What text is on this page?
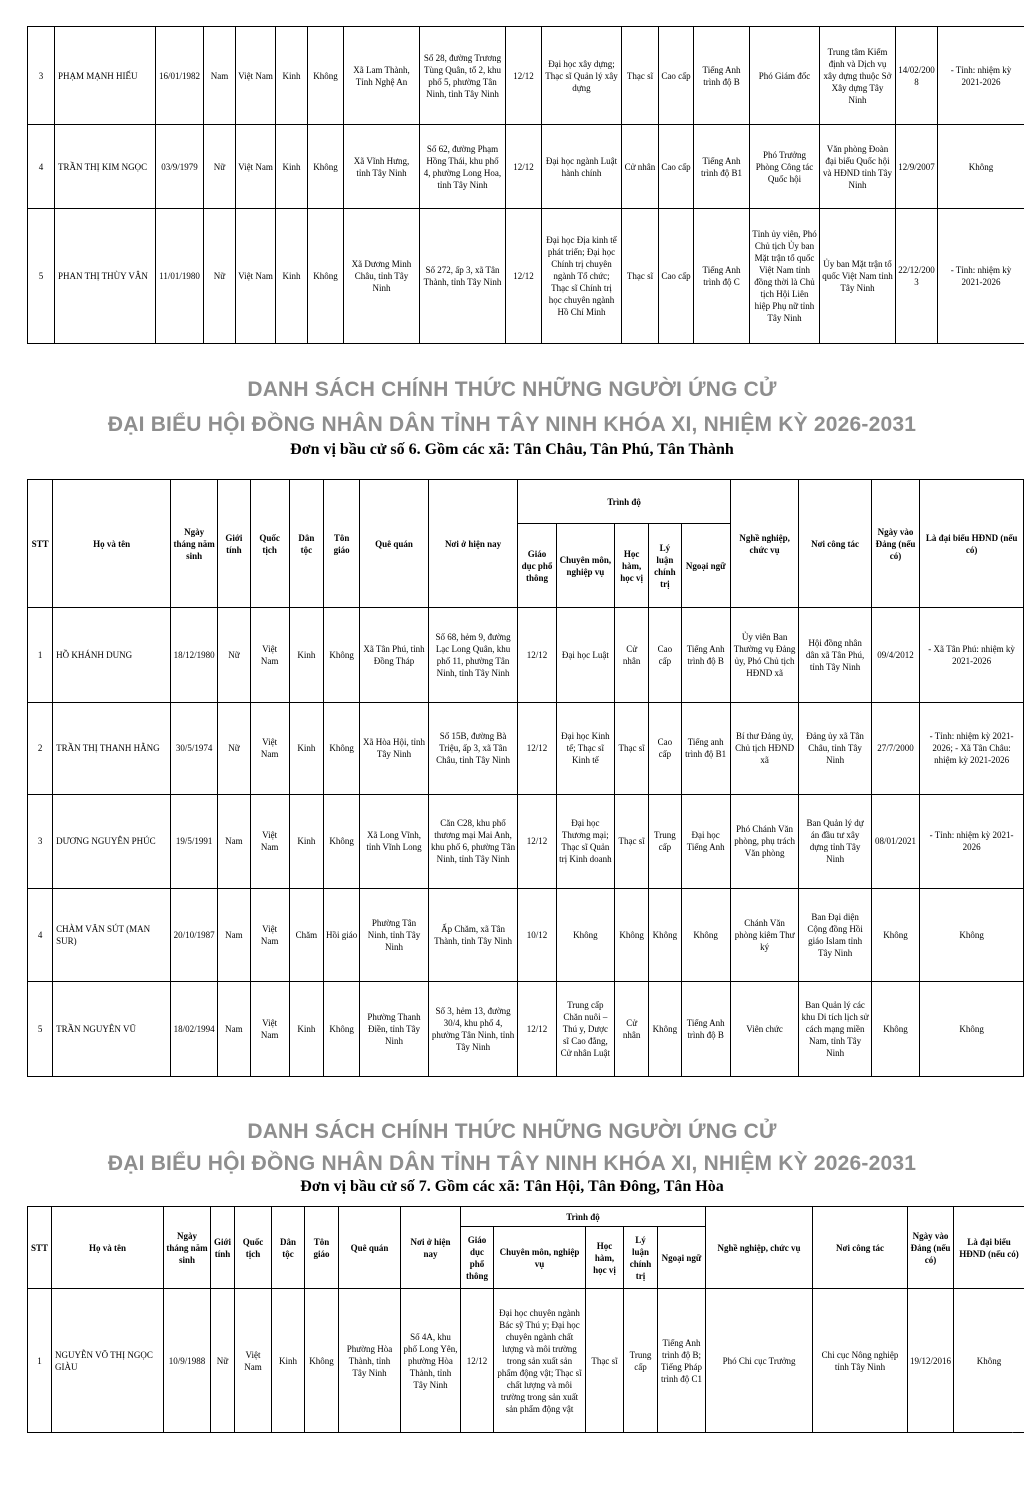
3	PHẠM MẠNH HIẾU	16/01/1982	Nam	Việt Nam	Kinh	Không	Xã Lam Thành, Tỉnh Nghệ An	Số 28, đường Trương Tùng Quân, tổ 2, khu phố 5, phường Tân Ninh, tỉnh Tây Ninh	12/12	Đại học xây dựng; Thạc sĩ Quản lý xây dựng	Thạc sĩ	Cao cấp	Tiếng Anh trình độ B	Phó Giám đốc	Trung tâm Kiểm định và Dịch vụ xây dựng thuộc Sở Xây dựng Tây Ninh	14/02/2008	- Tỉnh: nhiệm kỳ 2021-2026
4	TRẦN THỊ KIM NGỌC	03/9/1979	Nữ	Việt Nam	Kinh	Không	Xã Vĩnh Hưng, tỉnh Tây Ninh	Số 62, đường Phạm Hồng Thái, khu phố 4, phường Long Hoa, tỉnh Tây Ninh	12/12	Đại học ngành Luật hành chính	Cử nhân	Cao cấp	Tiếng Anh trình độ B1	Phó Trưởng Phòng Công tác Quốc hội	Văn phòng Đoàn đại biểu Quốc hội và HĐND tỉnh Tây Ninh	12/9/2007	Không
5	PHAN THỊ THÙY VÂN	11/01/1980	Nữ	Việt Nam	Kinh	Không	Xã Dương Minh Châu, tỉnh Tây Ninh	Số 272, ấp 3, xã Tân Thành, tỉnh Tây Ninh	12/12	Đại học Địa kinh tế phát triển; Đại học Chính trị chuyên ngành Tổ chức; Thạc sĩ Chính trị học chuyên ngành Hồ Chí Minh	Thạc sĩ	Cao cấp	Tiếng Anh trình độ C	Tỉnh ủy viên, Phó Chủ tịch Ủy ban Mặt trận tổ quốc Việt Nam tỉnh đồng thời là Chủ tịch Hội Liên hiệp Phụ nữ tỉnh Tây Ninh	Ủy ban Mặt trận tổ quốc Việt Nam tỉnh Tây Ninh	22/12/2003	- Tỉnh: nhiệm kỳ 2021-2026
DANH SÁCH CHÍNH THỨC NHỮNG NGƯỜI ỨNG CỬ
ĐẠI BIỂU HỘI ĐỒNG NHÂN DÂN TỈNH TÂY NINH KHÓA XI, NHIỆM KỲ 2026-2031
Đơn vị bầu cử số 6. Gồm các xã: Tân Châu, Tân Phú, Tân Thành
STT	Họ và tên	Ngày tháng năm sinh	Giới tính	Quốc tịch	Dân tộc	Tôn giáo	Quê quán	Nơi ở hiện nay	Trình độ					Nghề nghiệp, chức vụ	Nơi công tác	Ngày vào Đảng (nếu có)	Là đại biểu HĐND (nếu có)
									Giáo dục phổ thông	Chuyên môn, nghiệp vụ	Học hàm, học vị	Lý luận chính trị	Ngoại ngữ				
1	HỒ KHÁNH DUNG	18/12/1980	Nữ	Việt Nam	Kinh	Không	Xã Tân Phú, tỉnh Đồng Tháp	Số 68, hẻm 9, đường Lạc Long Quân, khu phố 11, phường Tân Ninh, tỉnh Tây Ninh	12/12	Đại học Luật	Cử nhân	Cao cấp	Tiếng Anh trình độ B	Ủy viên Ban Thường vụ Đảng ủy, Phó Chủ tịch HĐND xã	Hội đồng nhân dân xã Tân Phú, tỉnh Tây Ninh	09/4/2012	- Xã Tân Phú: nhiệm kỳ 2021-2026
2	TRẦN THỊ THANH HẰNG	30/5/1974	Nữ	Việt Nam	Kinh	Không	Xã Hòa Hội, tỉnh Tây Ninh	Số 15B, đường Bà Triệu, ấp 3, xã Tân Châu, tỉnh Tây Ninh	12/12	Đại học Kinh tế; Thạc sĩ Kinh tế	Thạc sĩ	Cao cấp	Tiếng anh trình độ B1	Bí thư Đảng ủy, Chủ tịch HĐND xã	Đảng ủy xã Tân Châu, tỉnh Tây Ninh	27/7/2000	- Tỉnh: nhiệm kỳ 2021-2026; - Xã Tân Châu: nhiệm kỳ 2021-2026
3	DƯƠNG NGUYÊN PHÚC	19/5/1991	Nam	Việt Nam	Kinh	Không	Xã Long Vĩnh, tỉnh Vĩnh Long	Căn C28, khu phố thương mại Mai Anh, khu phố 6, phường Tân Ninh, tỉnh Tây Ninh	12/12	Đại học Thương mại; Thạc sĩ Quản trị Kinh doanh	Thạc sĩ	Trung cấp	Đại học Tiếng Anh	Phó Chánh Văn phòng, phụ trách Văn phòng	Ban Quản lý dự án đầu tư xây dựng tỉnh Tây Ninh	08/01/2021	- Tỉnh: nhiệm kỳ 2021-2026
4	CHÀM VĂN SÚT (MAN SUR)	20/10/1987	Nam	Việt Nam	Chăm	Hồi giáo	Phường Tân Ninh, tỉnh Tây Ninh	Ấp Chăm, xã Tân Thành, tỉnh Tây Ninh	10/12	Không	Không	Không	Không	Chánh Văn phòng kiêm Thư ký	Ban Đại diện Cộng đồng Hồi giáo Islam tỉnh Tây Ninh	Không	Không
5	TRẦN NGUYÊN VŨ	18/02/1994	Nam	Việt Nam	Kinh	Không	Phường Thanh Điền, tỉnh Tây Ninh	Số 3, hẻm 13, đường 30/4, khu phố 4, phường Tân Ninh, tỉnh Tây Ninh	12/12	Trung cấp Chăn nuôi – Thú y, Dược sĩ Cao đẳng, Cử nhân Luật	Cử nhân	Không	Tiếng Anh trình độ B	Viên chức	Ban Quản lý các khu Di tích lịch sử cách mạng miền Nam, tỉnh Tây Ninh	Không	Không
DANH SÁCH CHÍNH THỨC NHỮNG NGƯỜI ỨNG CỬ
ĐẠI BIỂU HỘI ĐỒNG NHÂN DÂN TỈNH TÂY NINH KHÓA XI, NHIỆM KỲ 2026-2031
Đơn vị bầu cử số 7. Gồm các xã: Tân Hội, Tân Đông, Tân Hòa
STT	Họ và tên	Ngày tháng năm sinh	Giới tính	Quốc tịch	Dân tộc	Tôn giáo	Quê quán	Nơi ở hiện nay	Trình độ					Nghề nghiệp, chức vụ	Nơi công tác	Ngày vào Đảng (nếu có)	Là đại biểu HĐND (nếu có)
									Giáo dục phổ thông	Chuyên môn, nghiệp vụ	Học hàm, học vị	Lý luận chính trị	Ngoại ngữ				
1	NGUYỄN VÕ THỊ NGỌC GIÀU	10/9/1988	Nữ	Việt Nam	Kinh	Không	Phường Hòa Thành, tỉnh Tây Ninh	Số 4A, khu phố Long Yên, phường Hòa Thành, tỉnh Tây Ninh	12/12	Đại học chuyên ngành Bác sỹ Thú y; Đại học chuyên ngành chất lượng và môi trường trong sản xuất sản phẩm động vật; Thạc sĩ chất lượng và môi trường trong sản xuất sản phẩm động vật	Thạc sĩ	Trung cấp	Tiếng Anh trình độ B; Tiếng Pháp trình độ C1	Phó Chi cục Trưởng	Chi cục Nông nghiệp tỉnh Tây Ninh	19/12/2016	Không
·
